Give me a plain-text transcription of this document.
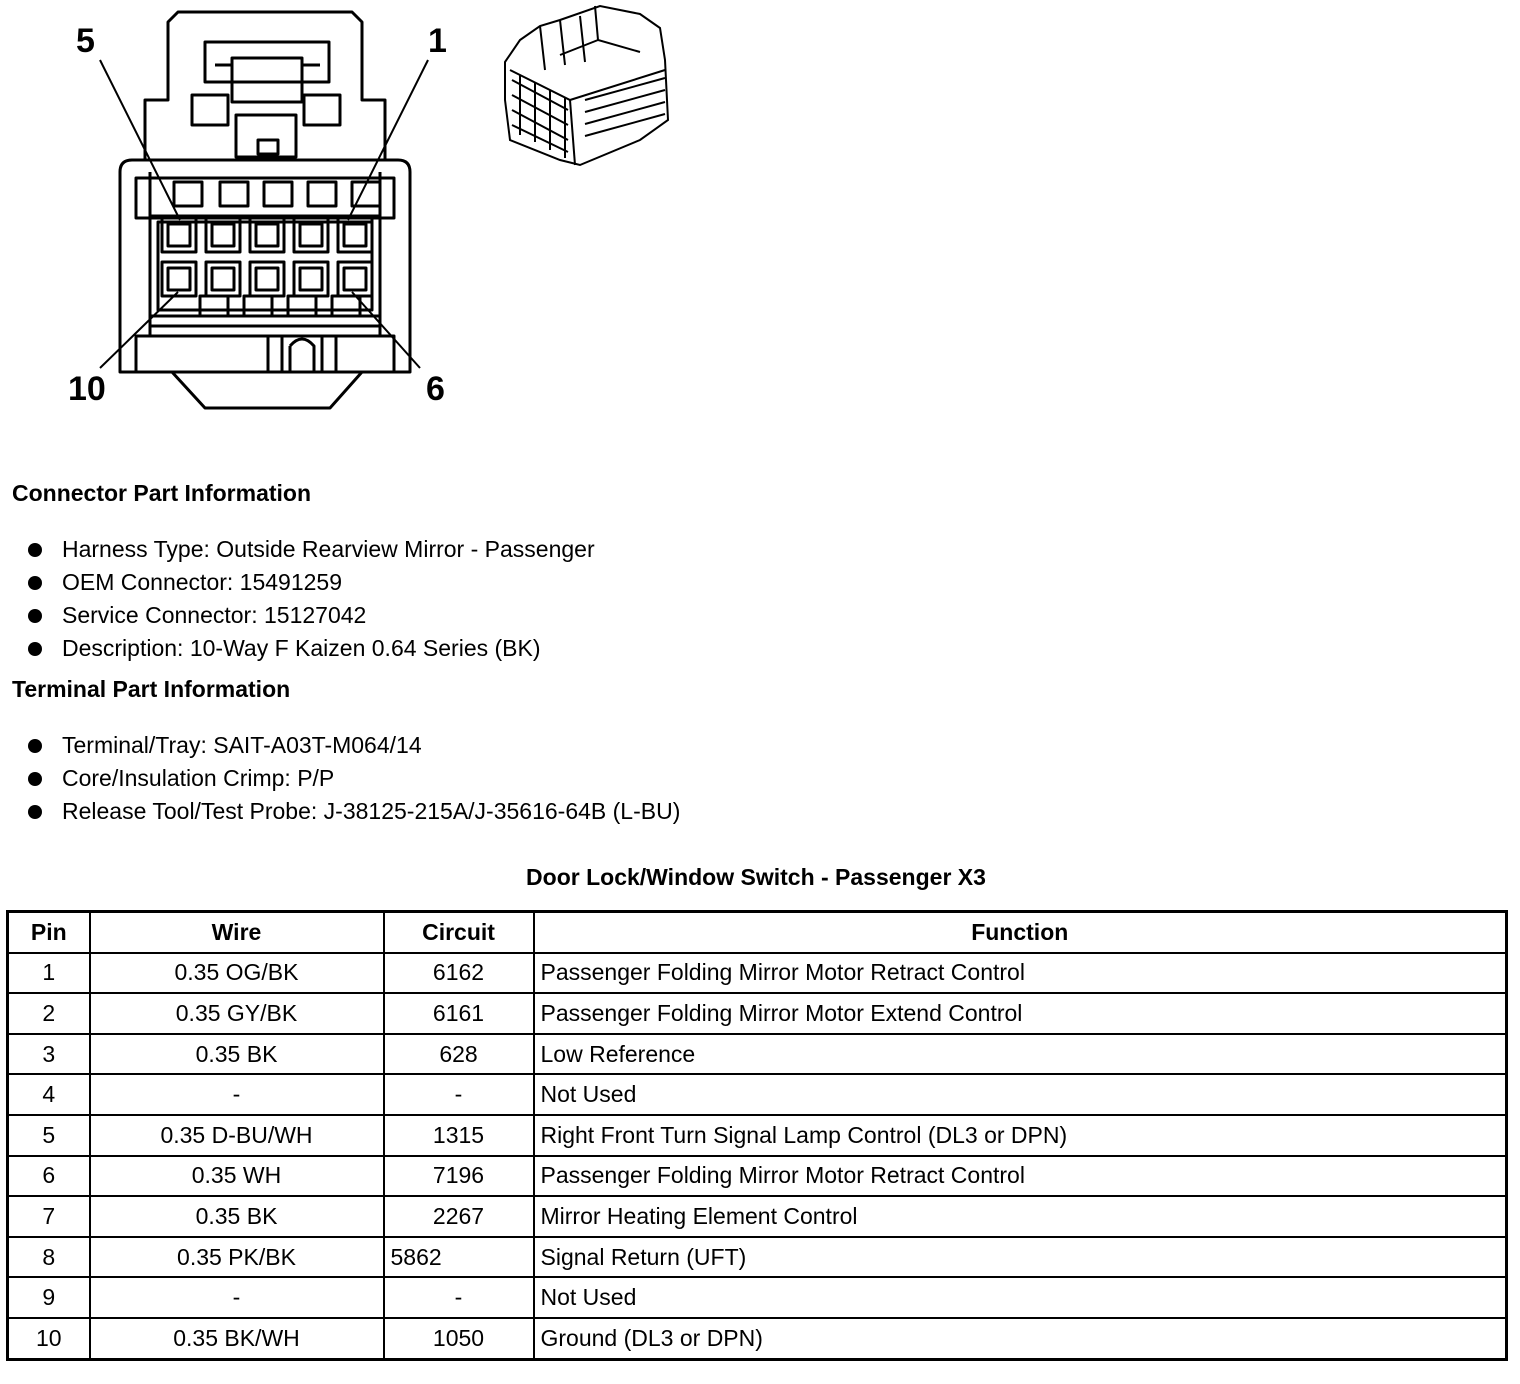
5	1
10	6
Connector Part Information
Harness Type: Outside Rearview Mirror - Passenger
OEM Connector: 15491259
Service Connector: 15127042
Description: 10-Way F Kaizen 0.64 Series (BK)
Terminal Part Information
Terminal/Tray: SAIT-A03T-M064/14
Core/Insulation Crimp: P/P
Release Tool/Test Probe: J-38125-215A/J-35616-64B (L-BU)
Door Lock/Window Switch - Passenger X3
Pin	Wire	Circuit	Function
1	0.35 OG/BK	6162	Passenger Folding Mirror Motor Retract Control
2	0.35 GY/BK	6161	Passenger Folding Mirror Motor Extend Control
3	0.35 BK	628	Low Reference
4	-	-	Not Used
5	0.35 D-BU/WH	1315	Right Front Turn Signal Lamp Control (DL3 or DPN)
6	0.35 WH	7196	Passenger Folding Mirror Motor Retract Control
7	0.35 BK	2267	Mirror Heating Element Control
8	0.35 PK/BK	5862	Signal Return (UFT)
9	-	-	Not Used
10	0.35 BK/WH	1050	Ground (DL3 or DPN)
